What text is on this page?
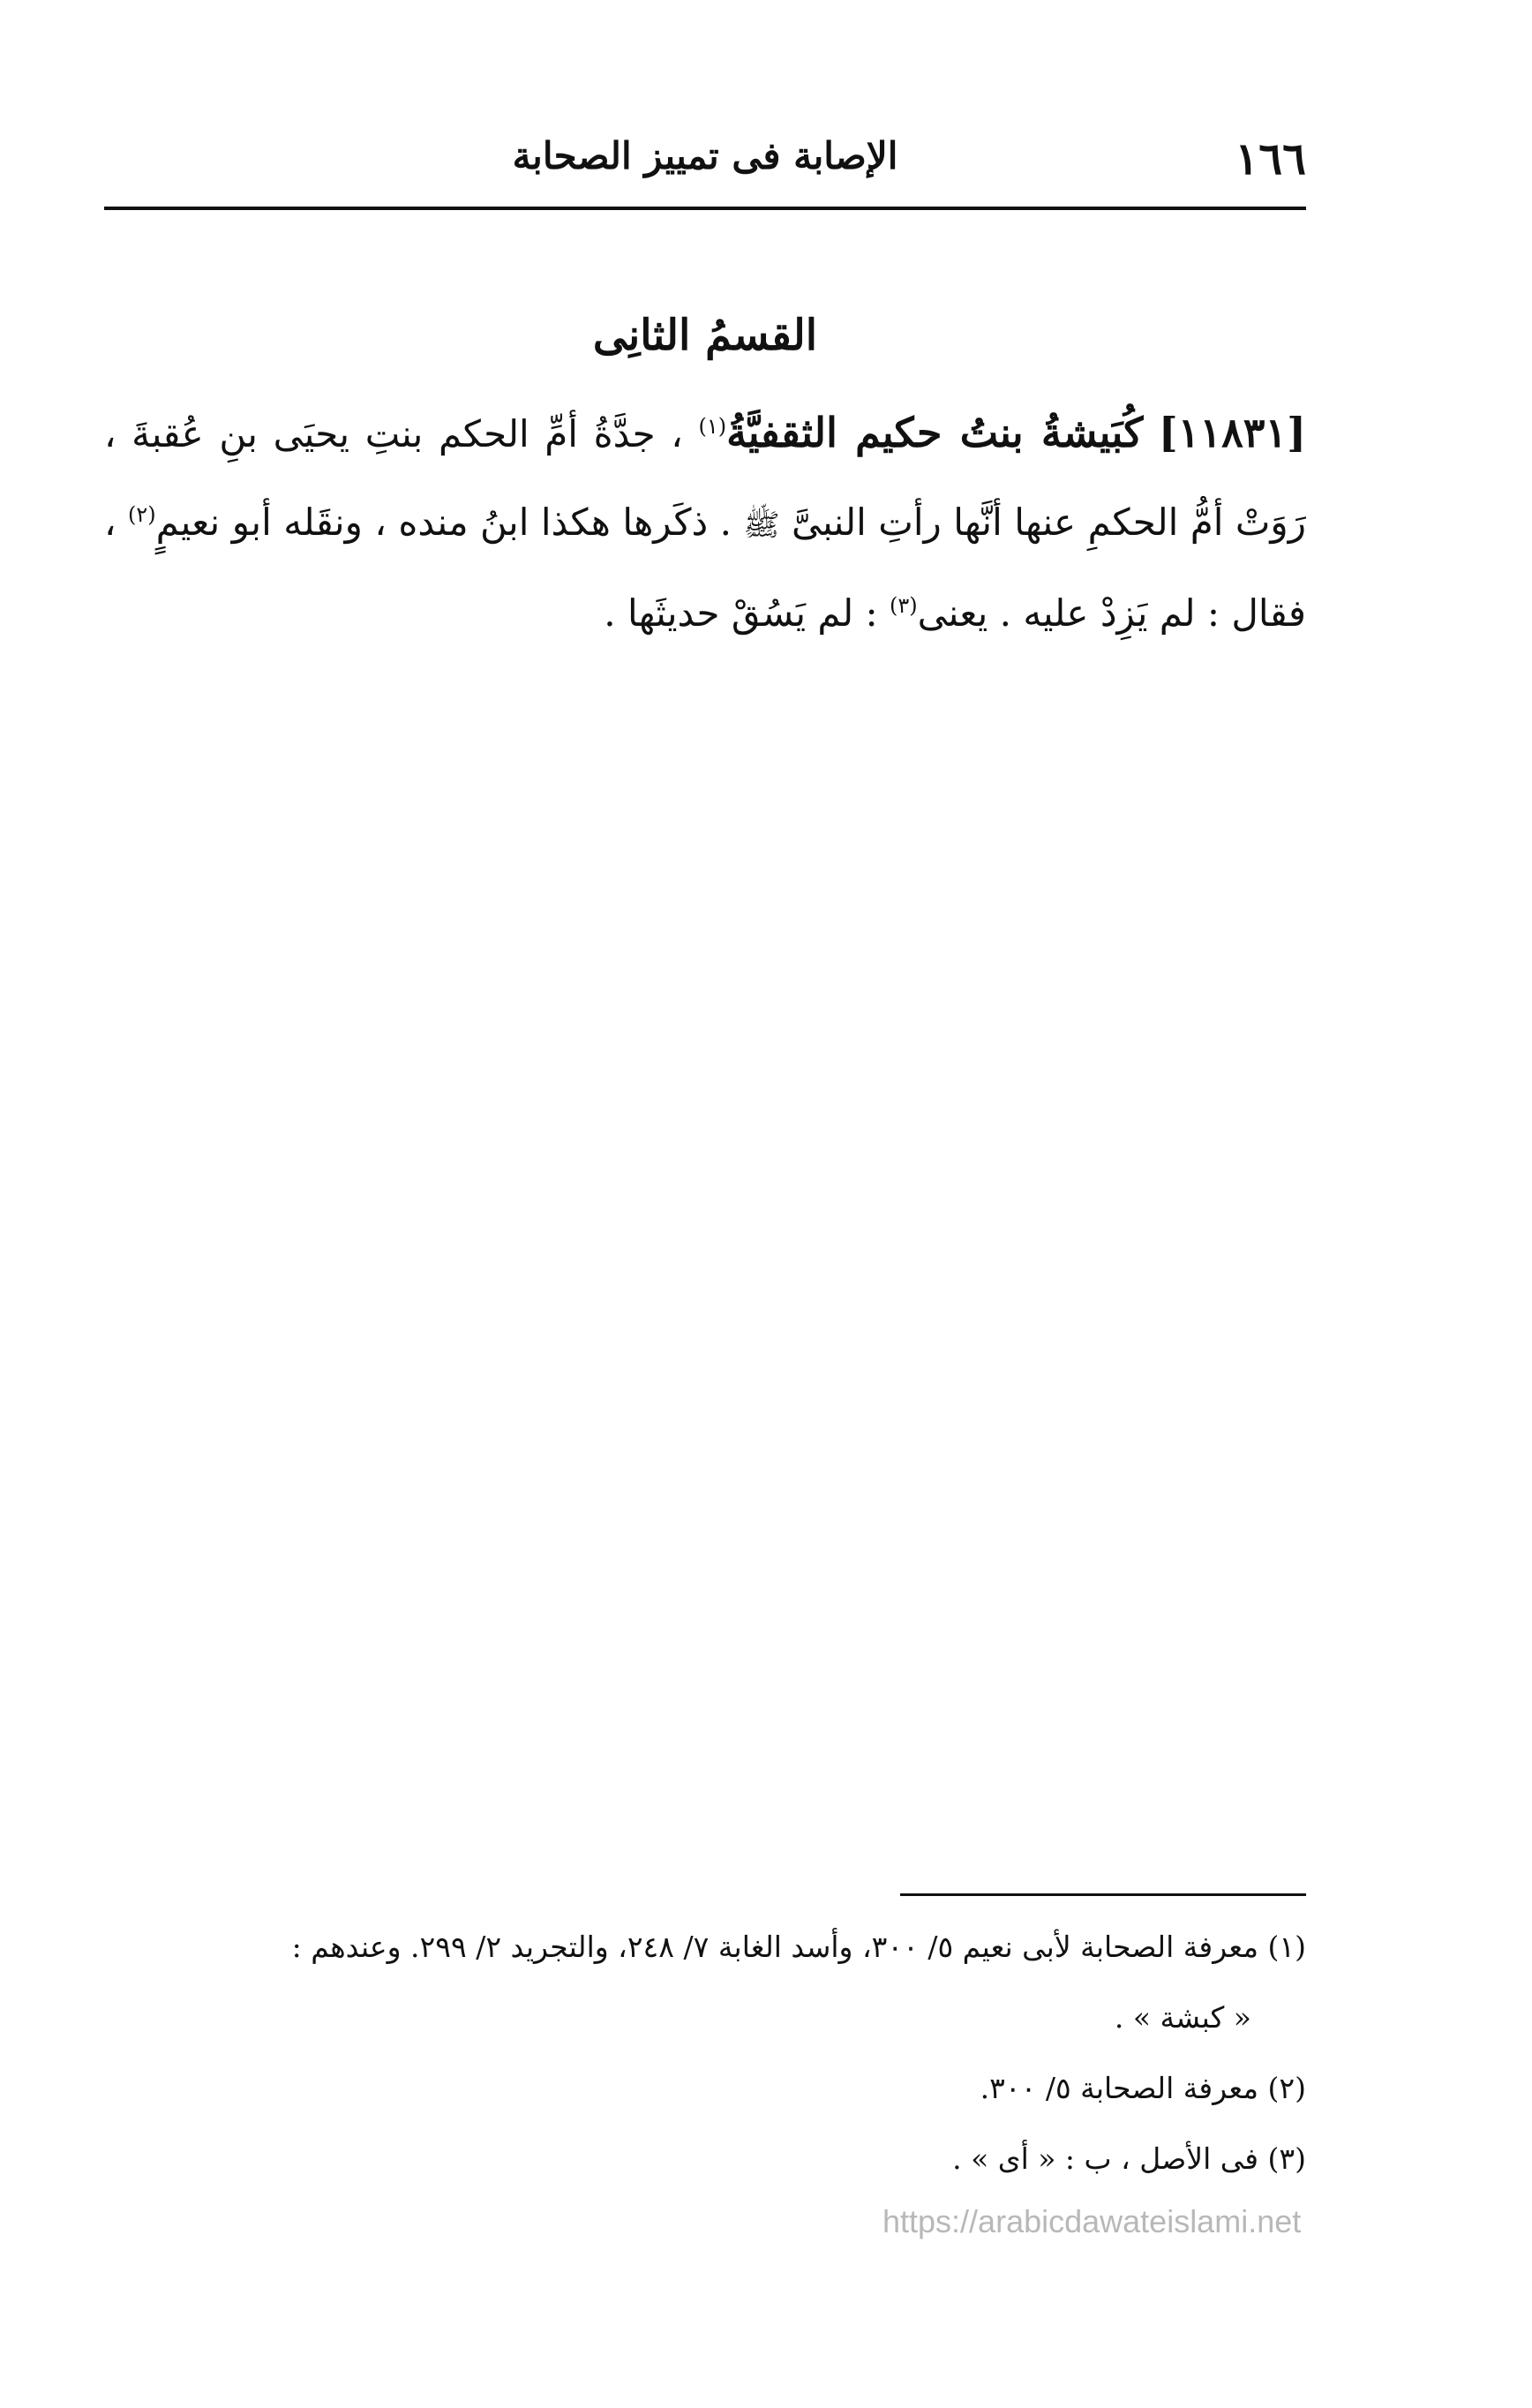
١٦٦
الإصابة فى تمييز الصحابة
القسمُ الثانِى
[١١٨٣١] كُبَيشةُ بنتُ حكيم الثقفيَّةُ$^{(١)}$ ، جدَّةُ أمِّ الحكم بنتِ يحيَى بنِ عُقبةَ ، رَوَتْ أمُّ الحكمِ عنها أنَّها رأتِ النبىَّ ﷺ . ذكَرها هكذا ابنُ منده ، ونقَله أبو نعيمٍ$^{(٢)}$ ، فقال : لم يَزِدْ عليه . يعنى$^{(٣)}$ : لم يَسُقْ حديثَها .
(١) معرفة الصحابة لأبى نعيم ٥/ ٣٠٠، وأسد الغابة ٧/ ٢٤٨، والتجريد ٢/ ٢٩٩. وعندهم :
« كبشة » .
(٢) معرفة الصحابة ٥/ ٣٠٠.
(٣) فى الأصل ، ب : « أى » .
https://arabicdawateislami.net
